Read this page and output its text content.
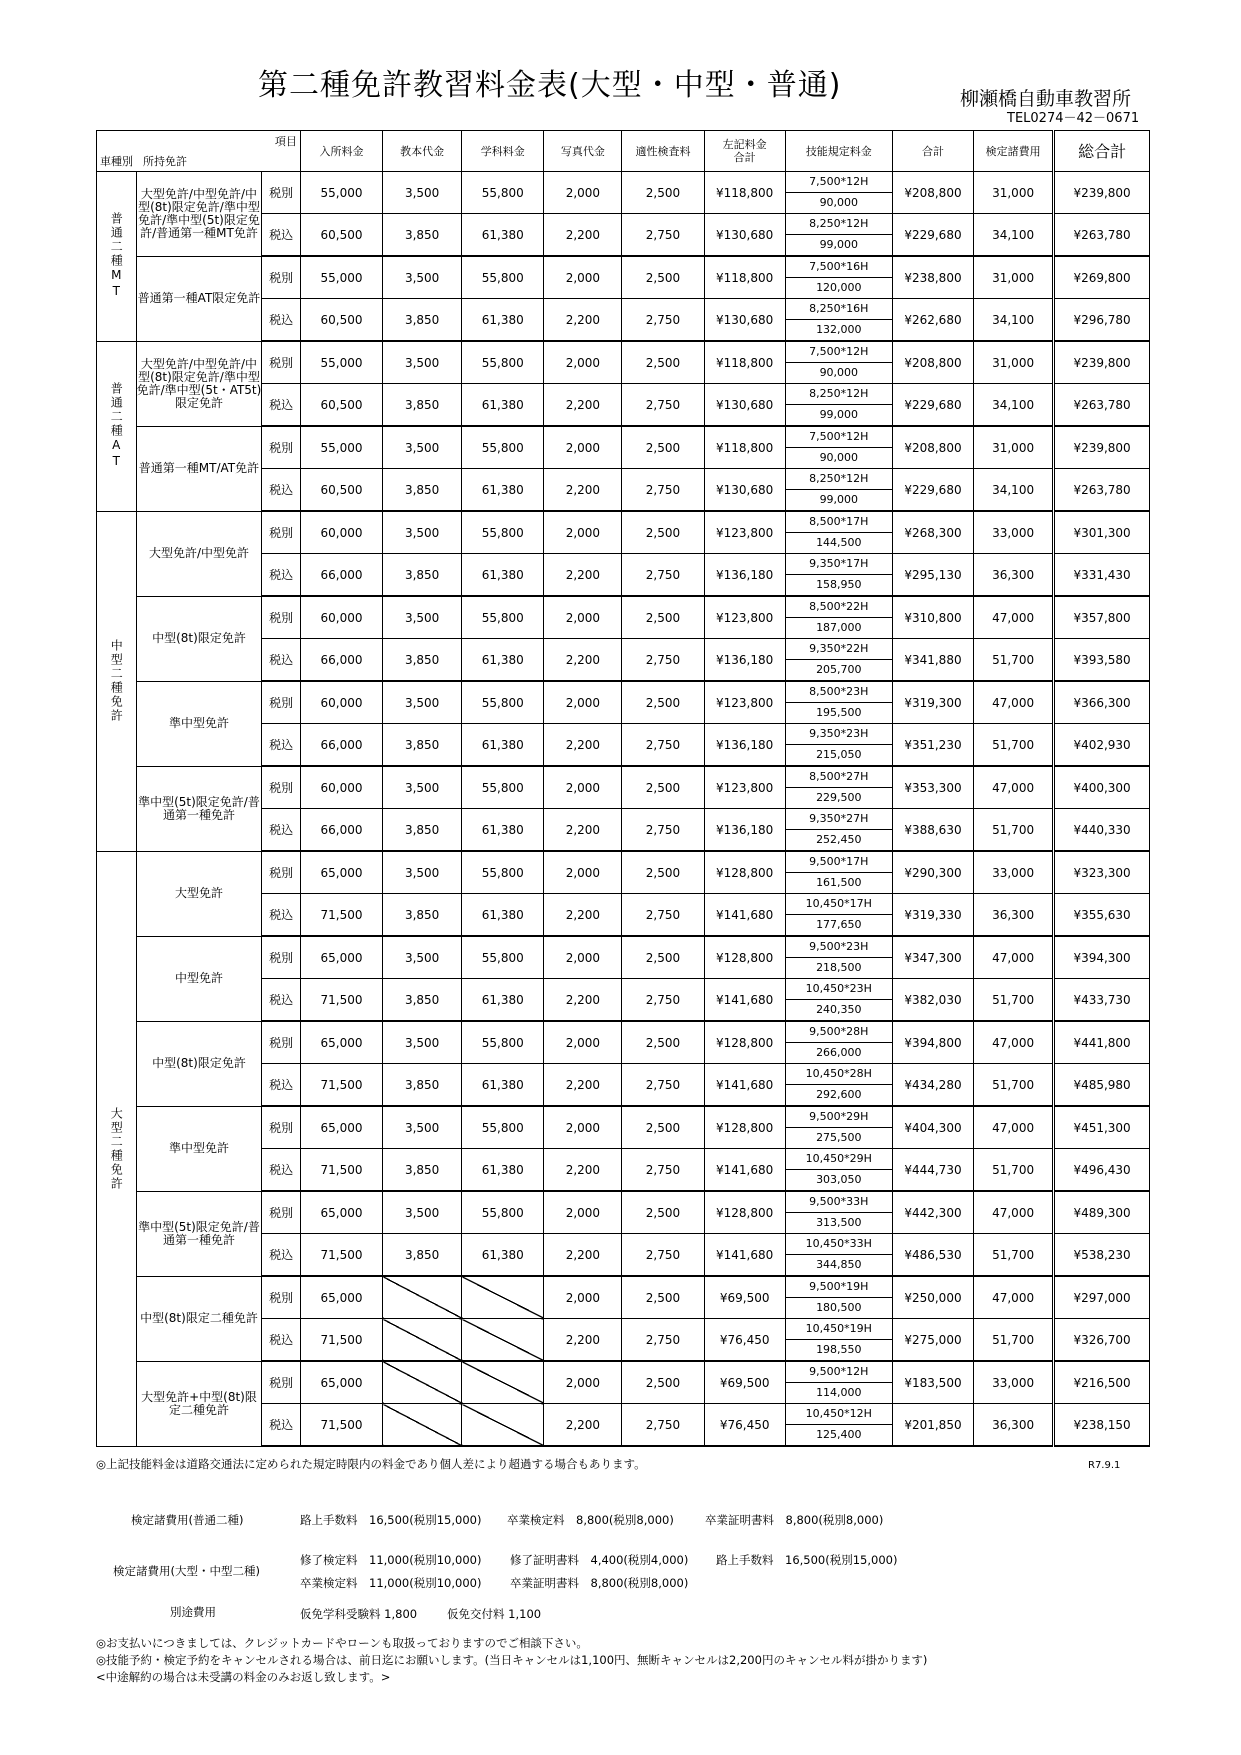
第二種免許教習料金表(大型・中型・普通)	柳瀬橋自動車教習所
TEL0274－42－0671
項目
車種別 所持免許			入所料金	教本代金	学科料金	写真代金	適性検査料	左記料金合計	技能規定料金	合計	検定諸費用	総合計

普通二種MT	大型免許/中型免許/中型(8t)限定免許/準中型免許/準中型(5t)限定免許/普通第一種MT免許	税別	55,000	3,500	55,800	2,000	2,500	¥118,800	7,500*12H
90,000	¥208,800	31,000	¥239,800
		税込	60,500	3,850	61,380	2,200	2,750	¥130,680	8,250*12H
99,000	¥229,680	34,100	¥263,780
	普通第一種AT限定免許	税別	55,000	3,500	55,800	2,000	2,500	¥118,800	7,500*16H
120,000	¥238,800	31,000	¥269,800
		税込	60,500	3,850	61,380	2,200	2,750	¥130,680	8,250*16H
132,000	¥262,680	34,100	¥296,780

普通二種AT	大型免許/中型免許/中型(8t)限定免許/準中型免許/準中型(5t・AT5t)限定免許	税別	55,000	3,500	55,800	2,000	2,500	¥118,800	7,500*12H
90,000	¥208,800	31,000	¥239,800
		税込	60,500	3,850	61,380	2,200	2,750	¥130,680	8,250*12H
99,000	¥229,680	34,100	¥263,780
	普通第一種MT/AT免許	税別	55,000	3,500	55,800	2,000	2,500	¥118,800	7,500*12H
90,000	¥208,800	31,000	¥239,800
		税込	60,500	3,850	61,380	2,200	2,750	¥130,680	8,250*12H
99,000	¥229,680	34,100	¥263,780

中型二種免許	大型免許/中型免許	税別	60,000	3,500	55,800	2,000	2,500	¥123,800	8,500*17H
144,500	¥268,300	33,000	¥301,300
		税込	66,000	3,850	61,380	2,200	2,750	¥136,180	9,350*17H
158,950	¥295,130	36,300	¥331,430
	中型(8t)限定免許	税別	60,000	3,500	55,800	2,000	2,500	¥123,800	8,500*22H
187,000	¥310,800	47,000	¥357,800
		税込	66,000	3,850	61,380	2,200	2,750	¥136,180	9,350*22H
205,700	¥341,880	51,700	¥393,580
	準中型免許	税別	60,000	3,500	55,800	2,000	2,500	¥123,800	8,500*23H
195,500	¥319,300	47,000	¥366,300
		税込	66,000	3,850	61,380	2,200	2,750	¥136,180	9,350*23H
215,050	¥351,230	51,700	¥402,930
	準中型(5t)限定免許/普通第一種免許	税別	60,000	3,500	55,800	2,000	2,500	¥123,800	8,500*27H
229,500	¥353,300	47,000	¥400,300
		税込	66,000	3,850	61,380	2,200	2,750	¥136,180	9,350*27H
252,450	¥388,630	51,700	¥440,330

大型二種免許	大型免許	税別	65,000	3,500	55,800	2,000	2,500	¥128,800	9,500*17H
161,500	¥290,300	33,000	¥323,300
		税込	71,500	3,850	61,380	2,200	2,750	¥141,680	10,450*17H
177,650	¥319,330	36,300	¥355,630
	中型免許	税別	65,000	3,500	55,800	2,000	2,500	¥128,800	9,500*23H
218,500	¥347,300	47,000	¥394,300
		税込	71,500	3,850	61,380	2,200	2,750	¥141,680	10,450*23H
240,350	¥382,030	51,700	¥433,730
	中型(8t)限定免許	税別	65,000	3,500	55,800	2,000	2,500	¥128,800	9,500*28H
266,000	¥394,800	47,000	¥441,800
		税込	71,500	3,850	61,380	2,200	2,750	¥141,680	10,450*28H
292,600	¥434,280	51,700	¥485,980
	準中型免許	税別	65,000	3,500	55,800	2,000	2,500	¥128,800	9,500*29H
275,500	¥404,300	47,000	¥451,300
		税込	71,500	3,850	61,380	2,200	2,750	¥141,680	10,450*29H
303,050	¥444,730	51,700	¥496,430
	準中型(5t)限定免許/普通第一種免許	税別	65,000	3,500	55,800	2,000	2,500	¥128,800	9,500*33H
313,500	¥442,300	47,000	¥489,300
		税込	71,500	3,850	61,380	2,200	2,750	¥141,680	10,450*33H
344,850	¥486,530	51,700	¥538,230
	中型(8t)限定二種免許	税別	65,000			2,000	2,500	¥69,500	9,500*19H
180,500	¥250,000	47,000	¥297,000
		税込	71,500			2,200	2,750	¥76,450	10,450*19H
198,550	¥275,000	51,700	¥326,700
	大型免許+中型(8t)限定二種免許	税別	65,000			2,000	2,500	¥69,500	9,500*12H
114,000	¥183,500	33,000	¥216,500
		税込	71,500			2,200	2,750	¥76,450	10,450*12H
125,400	¥201,850	36,300	¥238,150
◎上記技能料金は道路交通法に定められた規定時限内の料金であり個人差により超過する場合もあります。	R7.9.1
検定諸費用(普通二種)	路上手数料　16,500(税別15,000) 卒業検定料　8,800(税別8,000)	卒業証明書料　8,800(税別8,000)
検定諸費用(大型・中型二種)
修了検定料　11,000(税別10,000) 修了証明書料　4,400(税別4,000) 路上手数料　16,500(税別15,000)
卒業検定料　11,000(税別10,000) 卒業証明書料　8,800(税別8,000)
別途費用	仮免学科受験料 1,800	仮免交付料 1,100
◎お支払いにつきましては、クレジットカードやローンも取扱っておりますのでご相談下さい。
◎技能予約・検定予約をキャンセルされる場合は、前日迄にお願いします。(当日キャンセルは1,100円、無断キャンセルは2,200円のキャンセル料が掛かります)
<中途解約の場合は未受講の料金のみお返し致します。>
